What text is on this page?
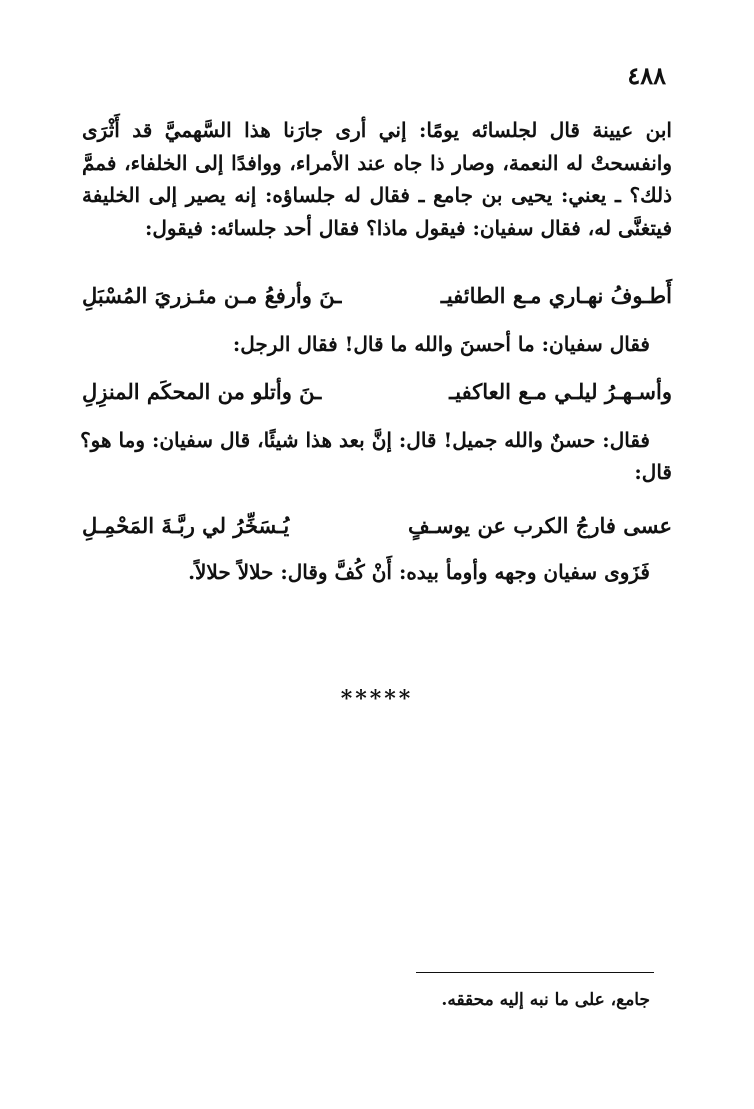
٤٨٨
ابن عيينة قال لجلسائه يومًا: إني أرى جارَنا هذا السَّهميَّ قد أَثْرَى
وانفسحتْ له النعمة، وصار ذا جاه عند الأمراء، ووافدًا إلى الخلفاء، فممَّ
ذلك؟ ـ يعني: يحيى بن جامع ـ فقال له جلساؤه: إنه يصير إلى الخليفة
فيتغنَّى له، فقال سفيان: فيقول ماذا؟ فقال أحد جلسائه: فيقول:
أَطـوفُ نهـاري مـع الطائفيـ
ـنَ وأرفعُ مـن مئـزريَ المُسْبَلِ
فقال سفيان: ما أحسنَ والله ما قال! فقال الرجل:
وأسـهـرُ ليلـي مـع العاكفيـ
ـنَ وأتلو من المحكَم المنزِلِ
فقال: حسنٌ والله جميل! قال: إنَّ بعد هذا شيئًا، قال سفيان: وما هو؟
قال:
عسى فارجُ الكرب عن يوسـفٍ
يُـسَخِّرُ لي ربَّـةَ المَحْمِـلِ
فَزَوى سفيان وجهه وأومأ بيده: أَنْ كُفَّ وقال: حلالاً حلالاً.
*****
جامع، على ما نبه إليه محققه.
